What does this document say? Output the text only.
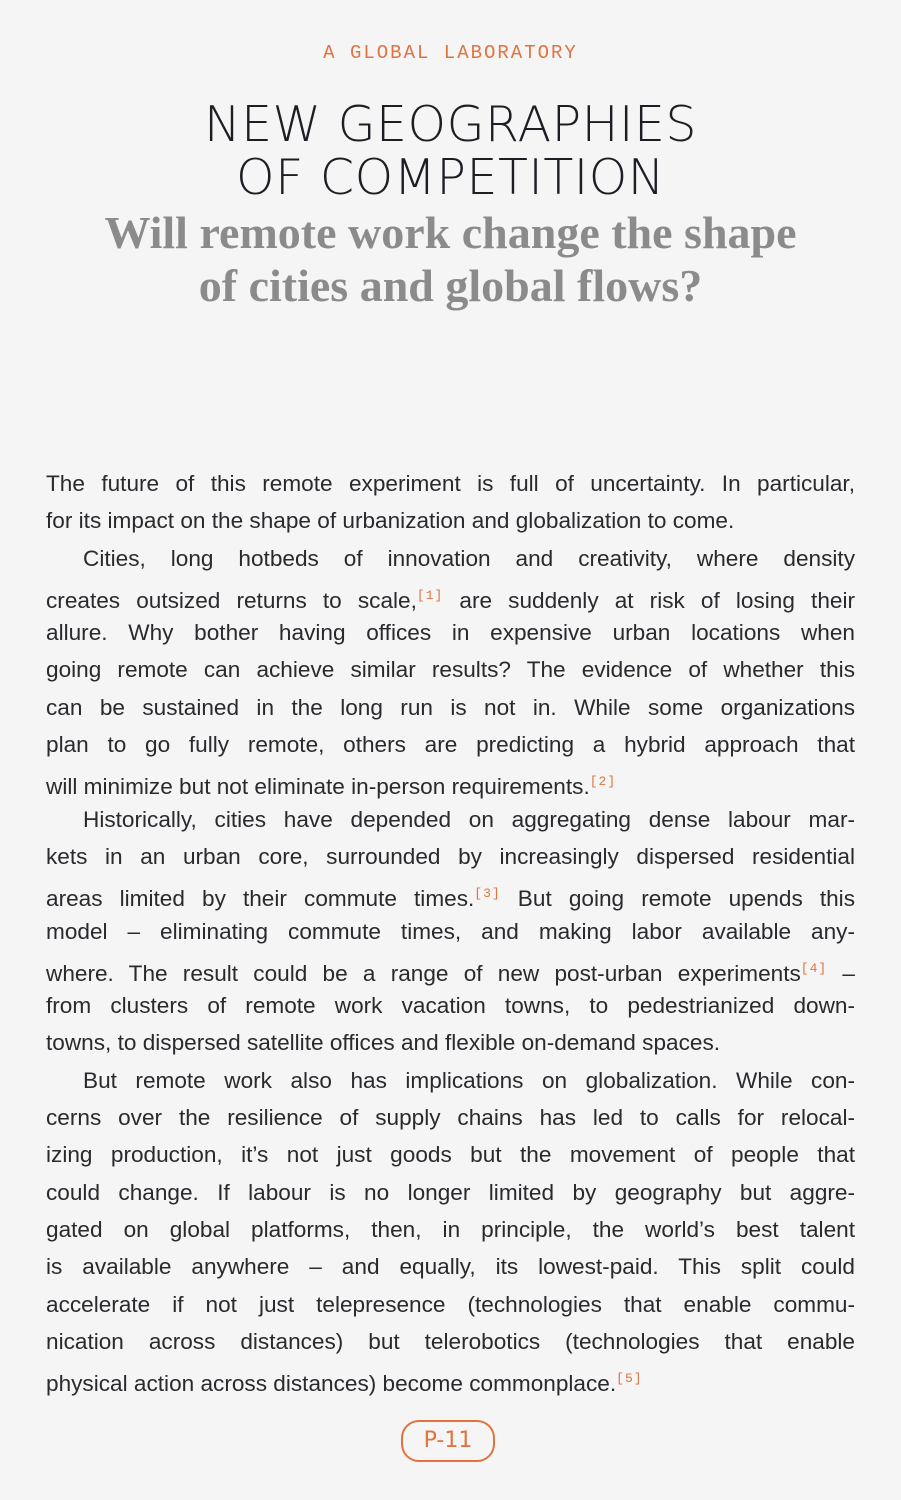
A GLOBAL LABORATORY
NEW GEOGRAPHIES
OF COMPETITION
Will remote work change the shape
of cities and global flows?
The future of this remote experiment is full of uncertainty. In particular,
for its impact on the shape of urbanization and globalization to come.
Cities, long hotbeds of innovation and creativity, where density
creates outsized returns to scale,[1] are suddenly at risk of losing their
allure. Why bother having offices in expensive urban locations when
going remote can achieve similar results? The evidence of whether this
can be sustained in the long run is not in. While some organizations
plan to go fully remote, others are predicting a hybrid approach that
will minimize but not eliminate in-person requirements.[2]
Historically, cities have depended on aggregating dense labour mar-
kets in an urban core, surrounded by increasingly dispersed residential
areas limited by their commute times.[3] But going remote upends this
model – eliminating commute times, and making labor available any-
where. The result could be a range of new post-urban experiments[4] –
from clusters of remote work vacation towns, to pedestrianized down-
towns, to dispersed satellite offices and flexible on-demand spaces.
But remote work also has implications on globalization. While con-
cerns over the resilience of supply chains has led to calls for relocal-
izing production, it’s not just goods but the movement of people that
could change. If labour is no longer limited by geography but aggre-
gated on global platforms, then, in principle, the world’s best talent
is available anywhere – and equally, its lowest-paid. This split could
accelerate if not just telepresence (technologies that enable commu-
nication across distances) but telerobotics (technologies that enable
physical action across distances) become commonplace.[5]
P-11
